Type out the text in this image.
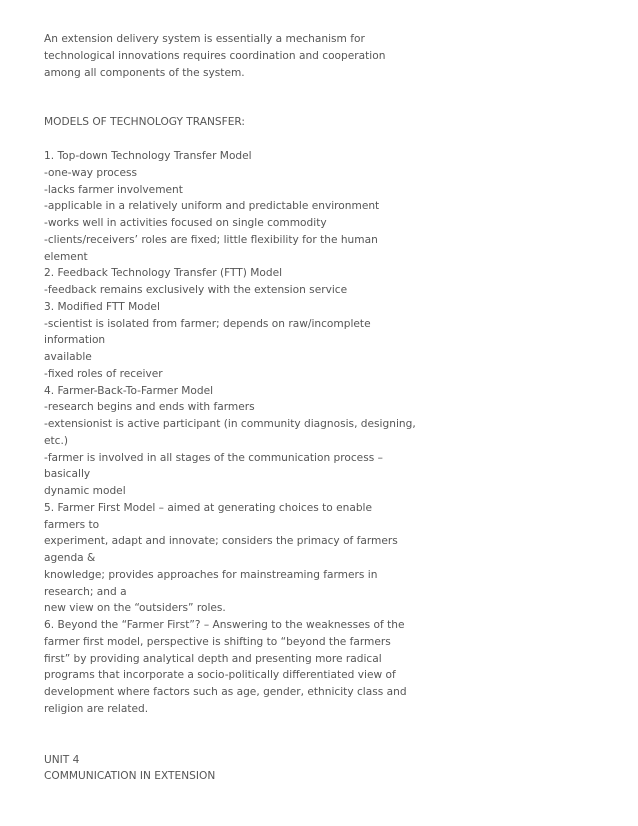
An extension delivery system is essentially a mechanism for
technological innovations requires coordination and cooperation
among all components of the system.
MODELS OF TECHNOLOGY TRANSFER:
1. Top-down Technology Transfer Model
-one-way process
-lacks farmer involvement
-applicable in a relatively uniform and predictable environment
-works well in activities focused on single commodity
-clients/receivers’ roles are fixed; little flexibility for the human
element
2. Feedback Technology Transfer (FTT) Model
-feedback remains exclusively with the extension service
3. Modified FTT Model
-scientist is isolated from farmer; depends on raw/incomplete
information
available
-fixed roles of receiver
4. Farmer-Back-To-Farmer Model
-research begins and ends with farmers
-extensionist is active participant (in community diagnosis, designing,
etc.)
-farmer is involved in all stages of the communication process –
basically
dynamic model
5. Farmer First Model – aimed at generating choices to enable
farmers to
experiment, adapt and innovate; considers the primacy of farmers
agenda &
knowledge; provides approaches for mainstreaming farmers in
research; and a
new view on the “outsiders” roles.
6. Beyond the “Farmer First”? – Answering to the weaknesses of the
farmer first model, perspective is shifting to “beyond the farmers
first” by providing analytical depth and presenting more radical
programs that incorporate a socio-politically differentiated view of
development where factors such as age, gender, ethnicity class and
religion are related.
UNIT 4
COMMUNICATION IN EXTENSION
